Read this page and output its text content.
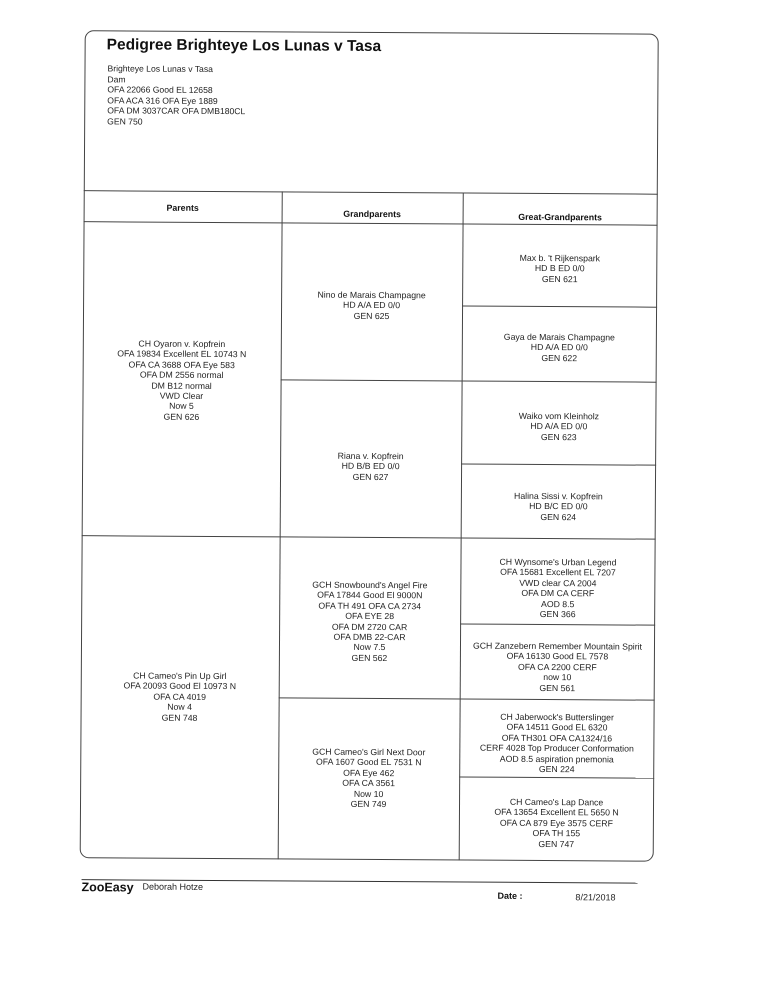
Pedigree Brighteye Los Lunas v Tasa
Brighteye Los Lunas v Tasa
Dam
OFA 22066 Good EL 12658
OFA ACA 316 OFA Eye 1889
OFA DM 3037CAR OFA DMB180CL
GEN 750
Parents
Grandparents	Great-Grandparents
CH Oyaron v. Kopfrein
OFA 19834 Excellent EL 10743 N
OFA CA 3688 OFA Eye 583
OFA DM 2556 normal
DM B12 normal
VWD Clear
Now 5
GEN 626
CH Cameo's Pin Up Girl
OFA 20093 Good El 10973 N
OFA CA 4019
Now 4
GEN 748
Nino de Marais Champagne
HD A/A ED 0/0
GEN 625
Riana v. Kopfrein
HD B/B ED 0/0
GEN 627
GCH Snowbound's Angel Fire
OFA 17844 Good El 9000N
OFA TH 491 OFA CA 2734
OFA EYE 28
OFA DM 2720 CAR
OFA DMB 22-CAR
Now 7.5
GEN 562
GCH Cameo's Girl Next Door
OFA 1607 Good EL 7531 N
OFA Eye 462
OFA CA 3561
Now 10
GEN 749
Max b. 't Rijkenspark
HD B ED 0/0
GEN 621
Gaya de Marais Champagne
HD A/A ED 0/0
GEN 622
Waiko vom Kleinholz
HD A/A ED 0/0
GEN 623
Halina Sissi v. Kopfrein
HD B/C ED 0/0
GEN 624
CH Wynsome's Urban Legend
OFA 15681 Excellent EL 7207
VWD clear CA 2004
OFA DM CA CERF
AOD 8.5
GEN 366
GCH Zanzebern Remember Mountain Spirit
OFA 16130 Good EL 7578
OFA CA 2200 CERF
now 10
GEN 561
CH Jaberwock's Butterslinger
OFA 14511 Good EL 6320
OFA TH301 OFA CA1324/16
CERF 4028 Top Producer Conformation
AOD 8.5 aspiration pnemonia
GEN 224
CH Cameo's Lap Dance
OFA 13654 Excellent EL 5650 N
OFA CA 879 Eye 3575 CERF
OFA TH 155
GEN 747
ZooEasy Deborah Hotze
Date :	8/21/2018
